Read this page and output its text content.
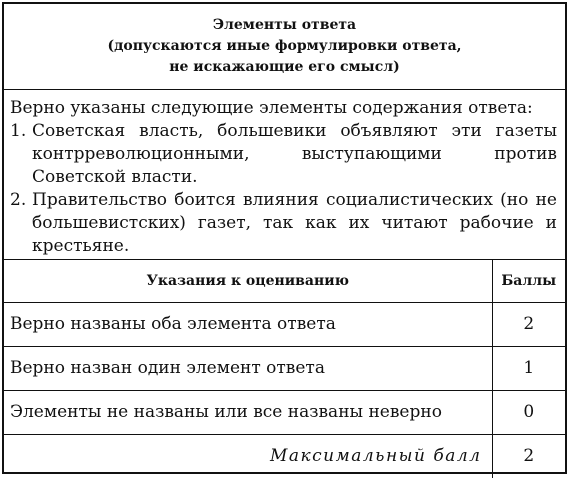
Элементы ответа
(допускаются иные формулировки ответа,
не искажающие его смысл)
Верно указаны следующие элементы содержания ответа:
1. Советская власть, большевики объявляют эти газеты контрреволюционными, выступающими против Советской власти.
2. Правительство боится влияния социалистических (но не большевистских) газет, так как их читают рабочие и крестьяне.
Указания к оцениванию	Баллы
Верно названы оба элемента ответа	2
Верно назван один элемент ответа	1
Элементы не названы или все названы неверно	0
Максимальный балл	2
